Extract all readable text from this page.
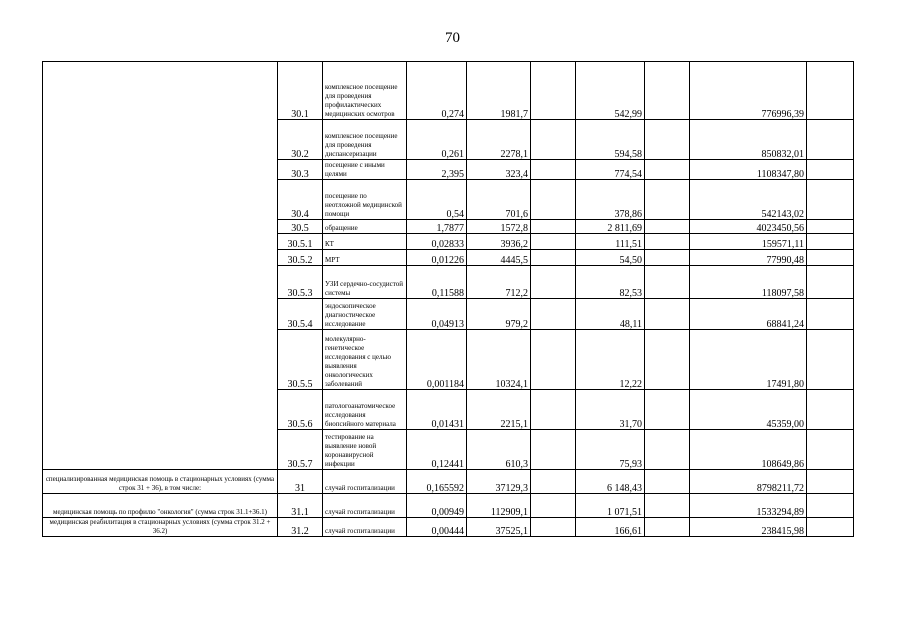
70
	30.1	комплексное посещение для проведения профилактических медицинских осмотров	0,274	1981,7		542,99		776996,39	
	30.2	комплексное посещение для проведения диспансеризации	0,261	2278,1		594,58		850832,01	
	30.3	посещение с иными целями	2,395	323,4		774,54		1108347,80	
	30.4	посещение по неотложной медицинской помощи	0,54	701,6		378,86		542143,02	
	30.5	обращение	1,7877	1572,8		2 811,69		4023450,56	
	30.5.1	КТ	0,02833	3936,2		111,51		159571,11	
	30.5.2	МРТ	0,01226	4445,5		54,50		77990,48	
	30.5.3	УЗИ сердечно-сосудистой системы	0,11588	712,2		82,53		118097,58	
	30.5.4	эндоскопическое диагностическое исследование	0,04913	979,2		48,11		68841,24	
	30.5.5	молекулярно-генетическое исследования с целью выявления онкологических заболеваний	0,001184	10324,1		12,22		17491,80	
	30.5.6	патологоанатомическое исследования биопсийного материала	0,01431	2215,1		31,70		45359,00	
	30.5.7	тестирование на выявление новой коронавирусной инфекции	0,12441	610,3		75,93		108649,86	
специализированная медицинская помощь в стационарных условиях (сумма строк 31 + 36), в том числе:	31	случай госпитализации	0,165592	37129,3		6 148,43		8798211,72	
медицинская помощь по профилю "онкология" (сумма строк 31.1+36.1)	31.1	случай госпитализации	0,00949	112909,1		1 071,51		1533294,89	
медицинская реабилитация в стационарных условиях (сумма строк 31.2 + 36.2)	31.2	случай госпитализации	0,00444	37525,1		166,61		238415,98	
